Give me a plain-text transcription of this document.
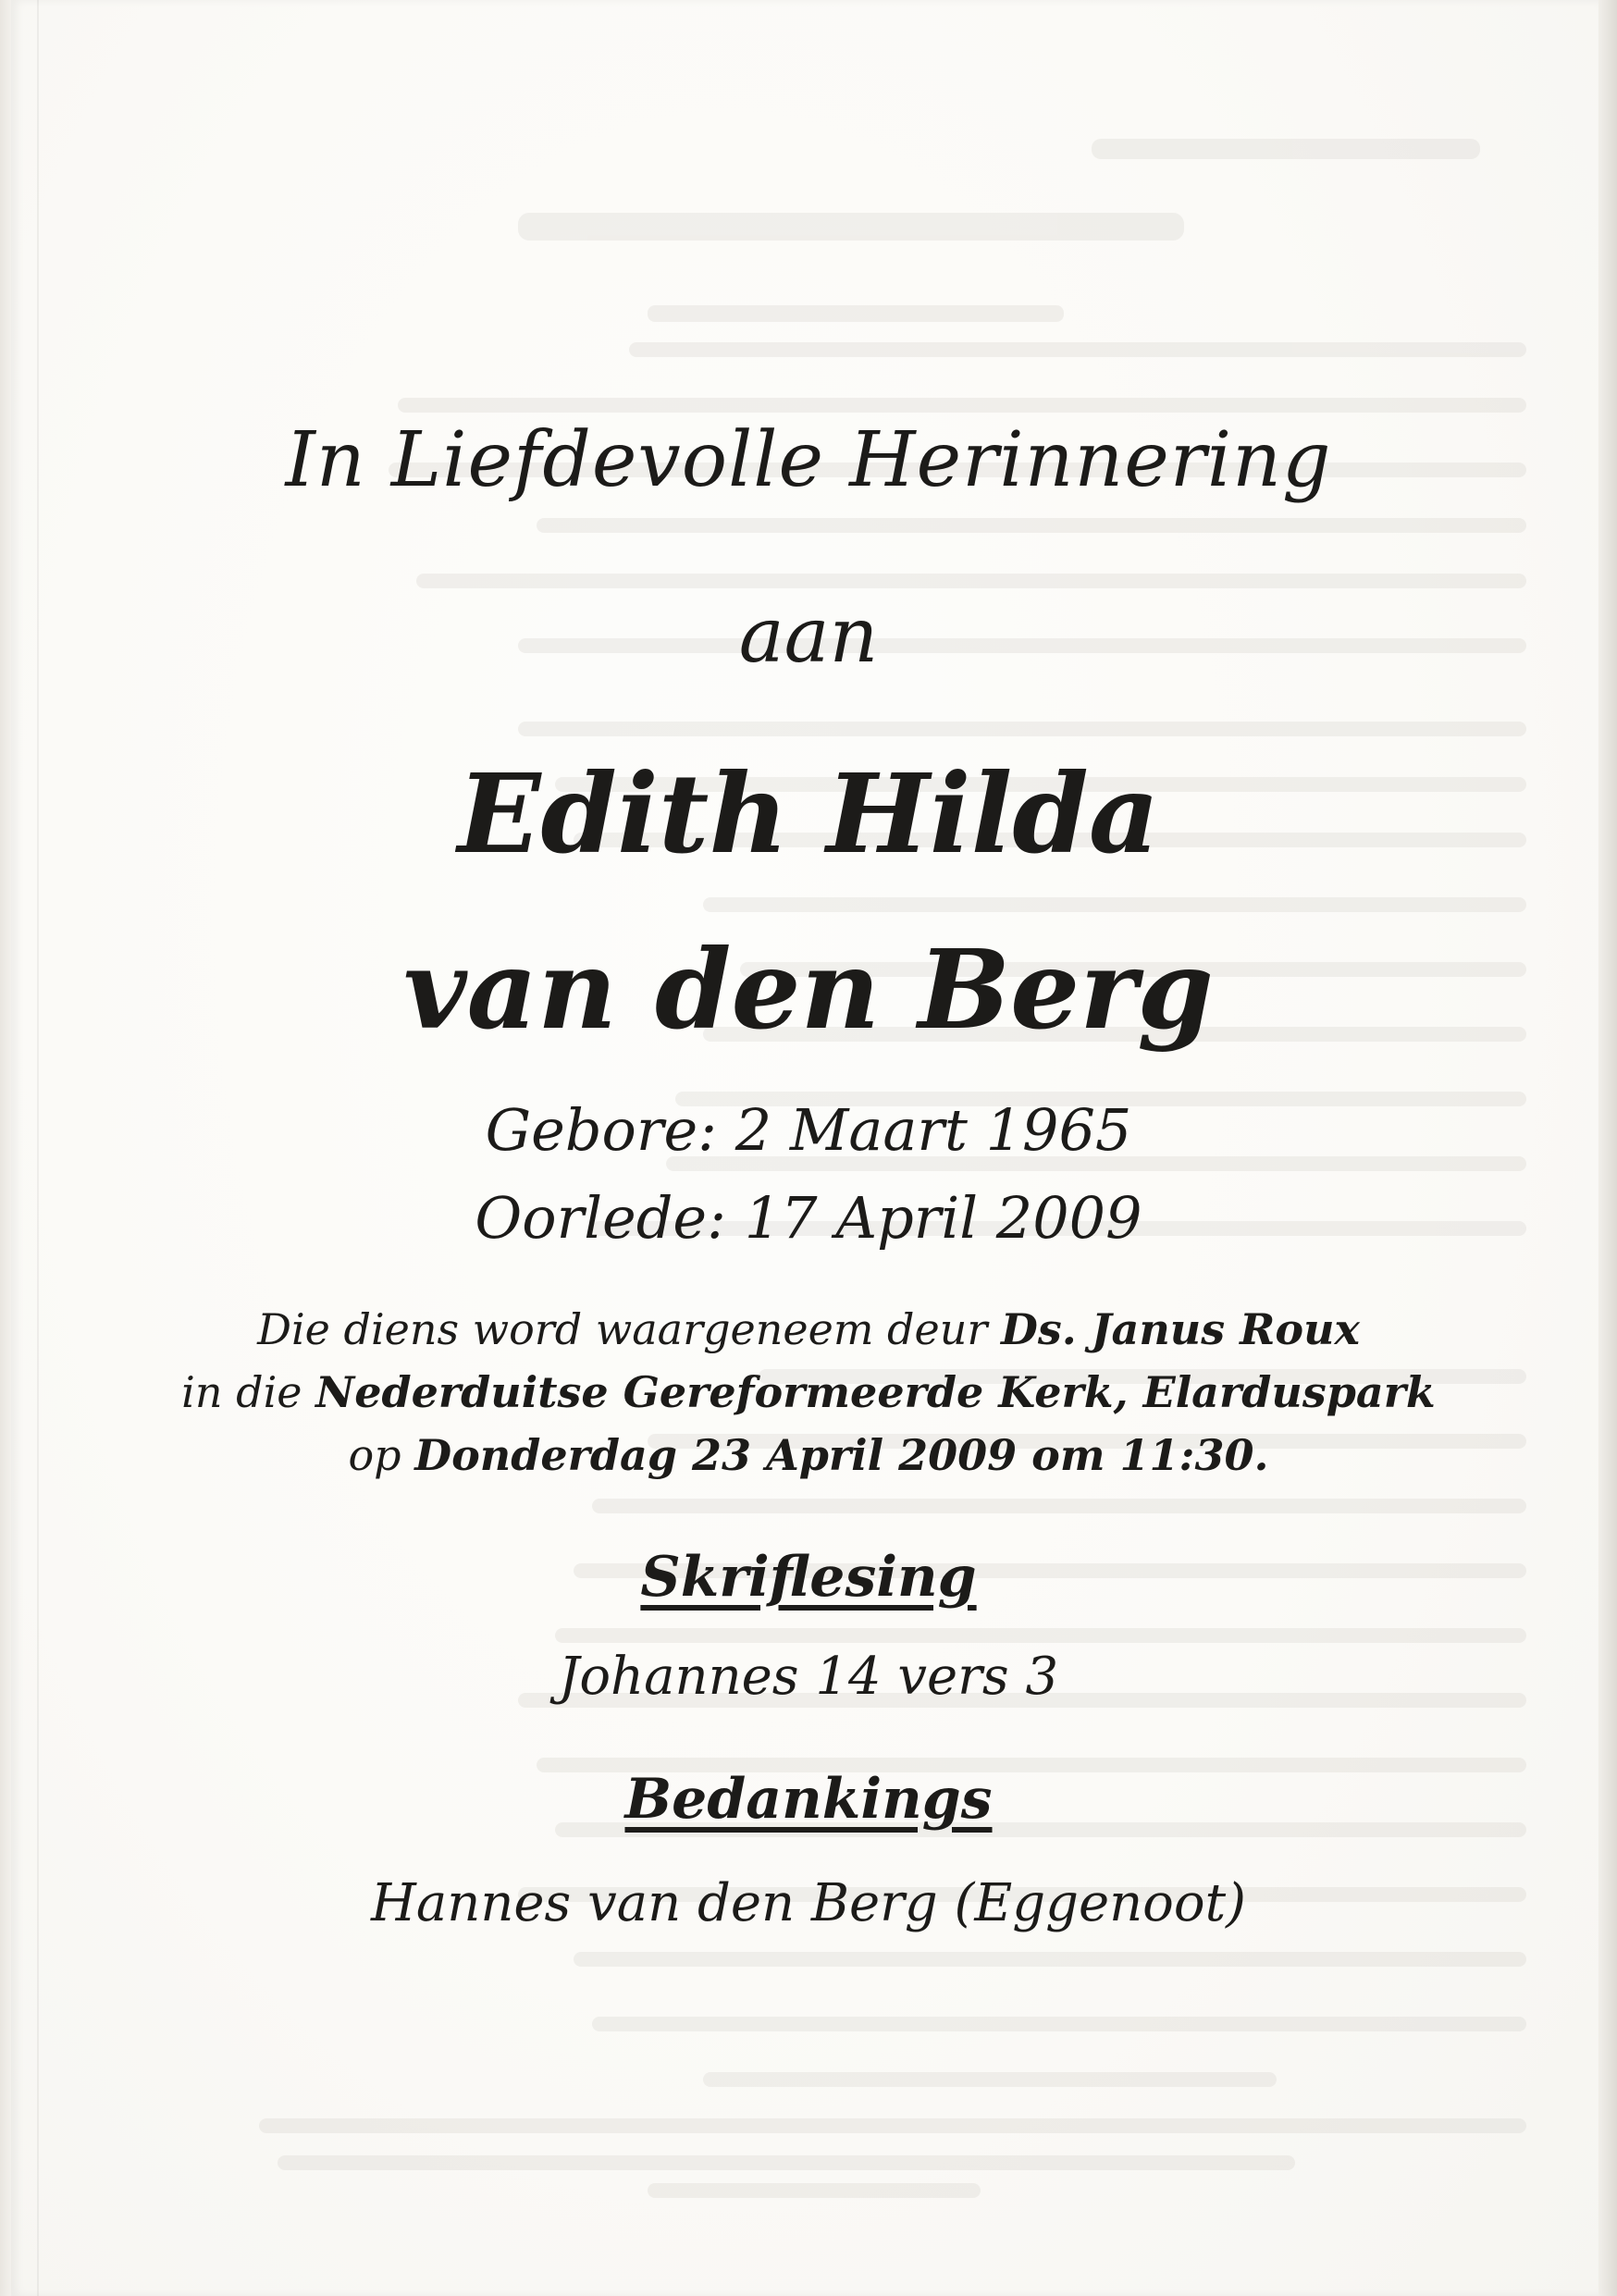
In Liefdevolle Herinnering
aan
Edith Hilda
van den Berg
Gebore: 2 Maart 1965
Oorlede: 17 April 2009
Die diens word waargeneem deur Ds. Janus Roux
in die Nederduitse Gereformeerde Kerk, Elarduspark
op Donderdag 23 April 2009 om 11:30.
Skriflesing
Johannes 14 vers 3
Bedankings
Hannes van den Berg (Eggenoot)
